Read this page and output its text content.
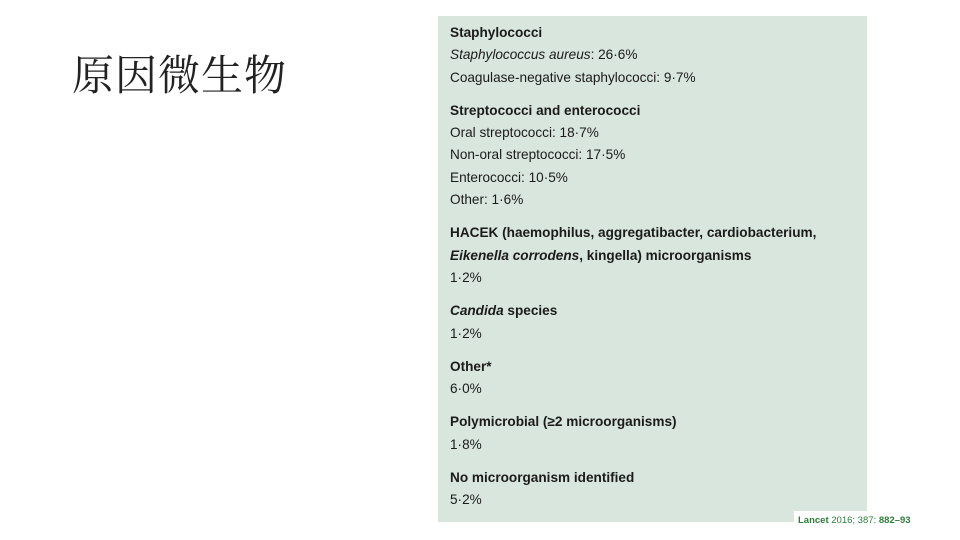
原因微生物
Staphylococci
Staphylococcus aureus: 26·6%
Coagulase-negative staphylococci: 9·7%
Streptococci and enterococci
Oral streptococci: 18·7%
Non-oral streptococci: 17·5%
Enterococci: 10·5%
Other: 1·6%
HACEK (haemophilus, aggregatibacter, cardiobacterium,
Eikenella corrodens, kingella) microorganisms
1·2%
Candida species
1·2%
Other*
6·0%
Polymicrobial (≥2 microorganisms)
1·8%
No microorganism identified
5·2%
Lancet 2016; 387: 882–93
